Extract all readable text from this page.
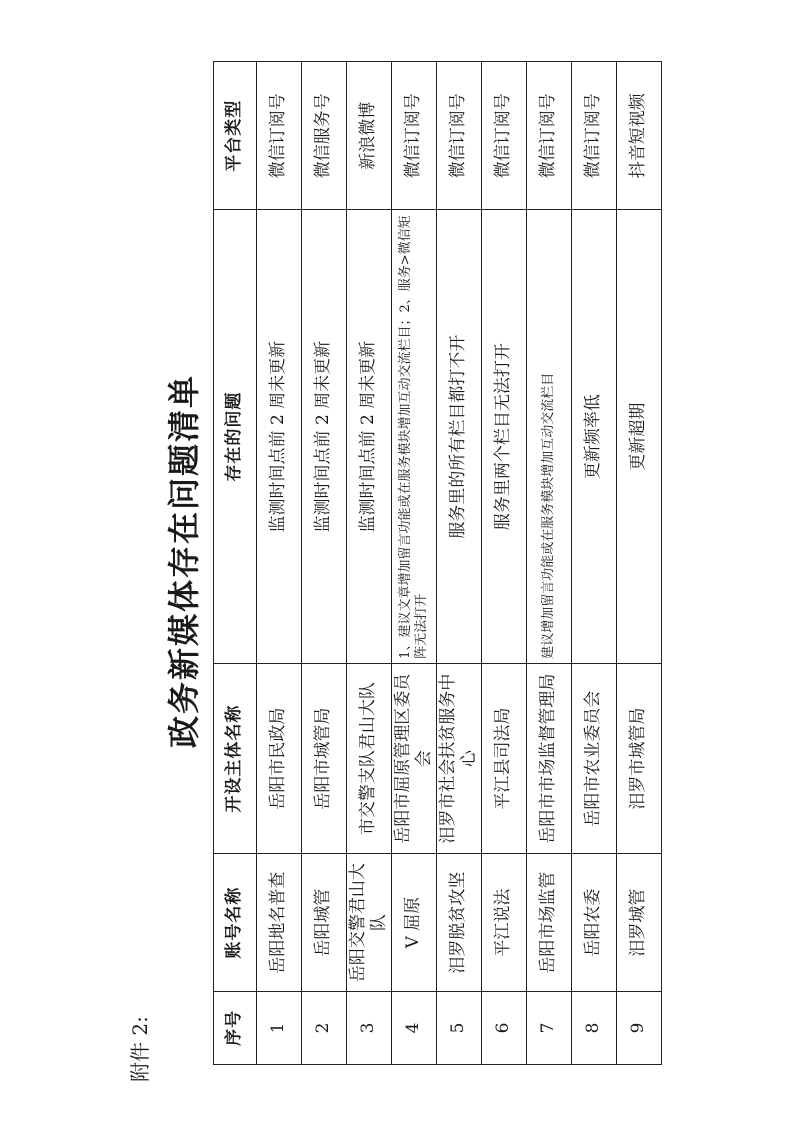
附件 2:
政务新媒体存在问题清单
序号	账号名称	开设主体名称	存在的问题	平台类型
1	岳阳地名普查	岳阳市民政局	监测时间点前 2 周未更新	微信订阅号
2	岳阳城管	岳阳市城管局	监测时间点前 2 周未更新	微信服务号
3	岳阳交警君山大队	市交警支队君山大队	监测时间点前 2 周未更新	新浪微博
4	V 屈原	岳阳市屈原管理区委员会	1、建议文章增加留言功能或在服务模块增加互动交流栏目；2、服务>微信矩阵无法打开	微信订阅号
5	汨罗脱贫攻坚	汨罗市社会扶贫服务中心	服务里的所有栏目都打不开	微信订阅号
6	平江说法	平江县司法局	服务里两个栏目无法打开	微信订阅号
7	岳阳市场监管	岳阳市市场监督管理局	建议增加留言功能或在服务模块增加互动交流栏目	微信订阅号
8	岳阳农委	岳阳市农业委员会	更新频率低	微信订阅号
9	汨罗城管	汨罗市城管局	更新超期	抖音短视频
